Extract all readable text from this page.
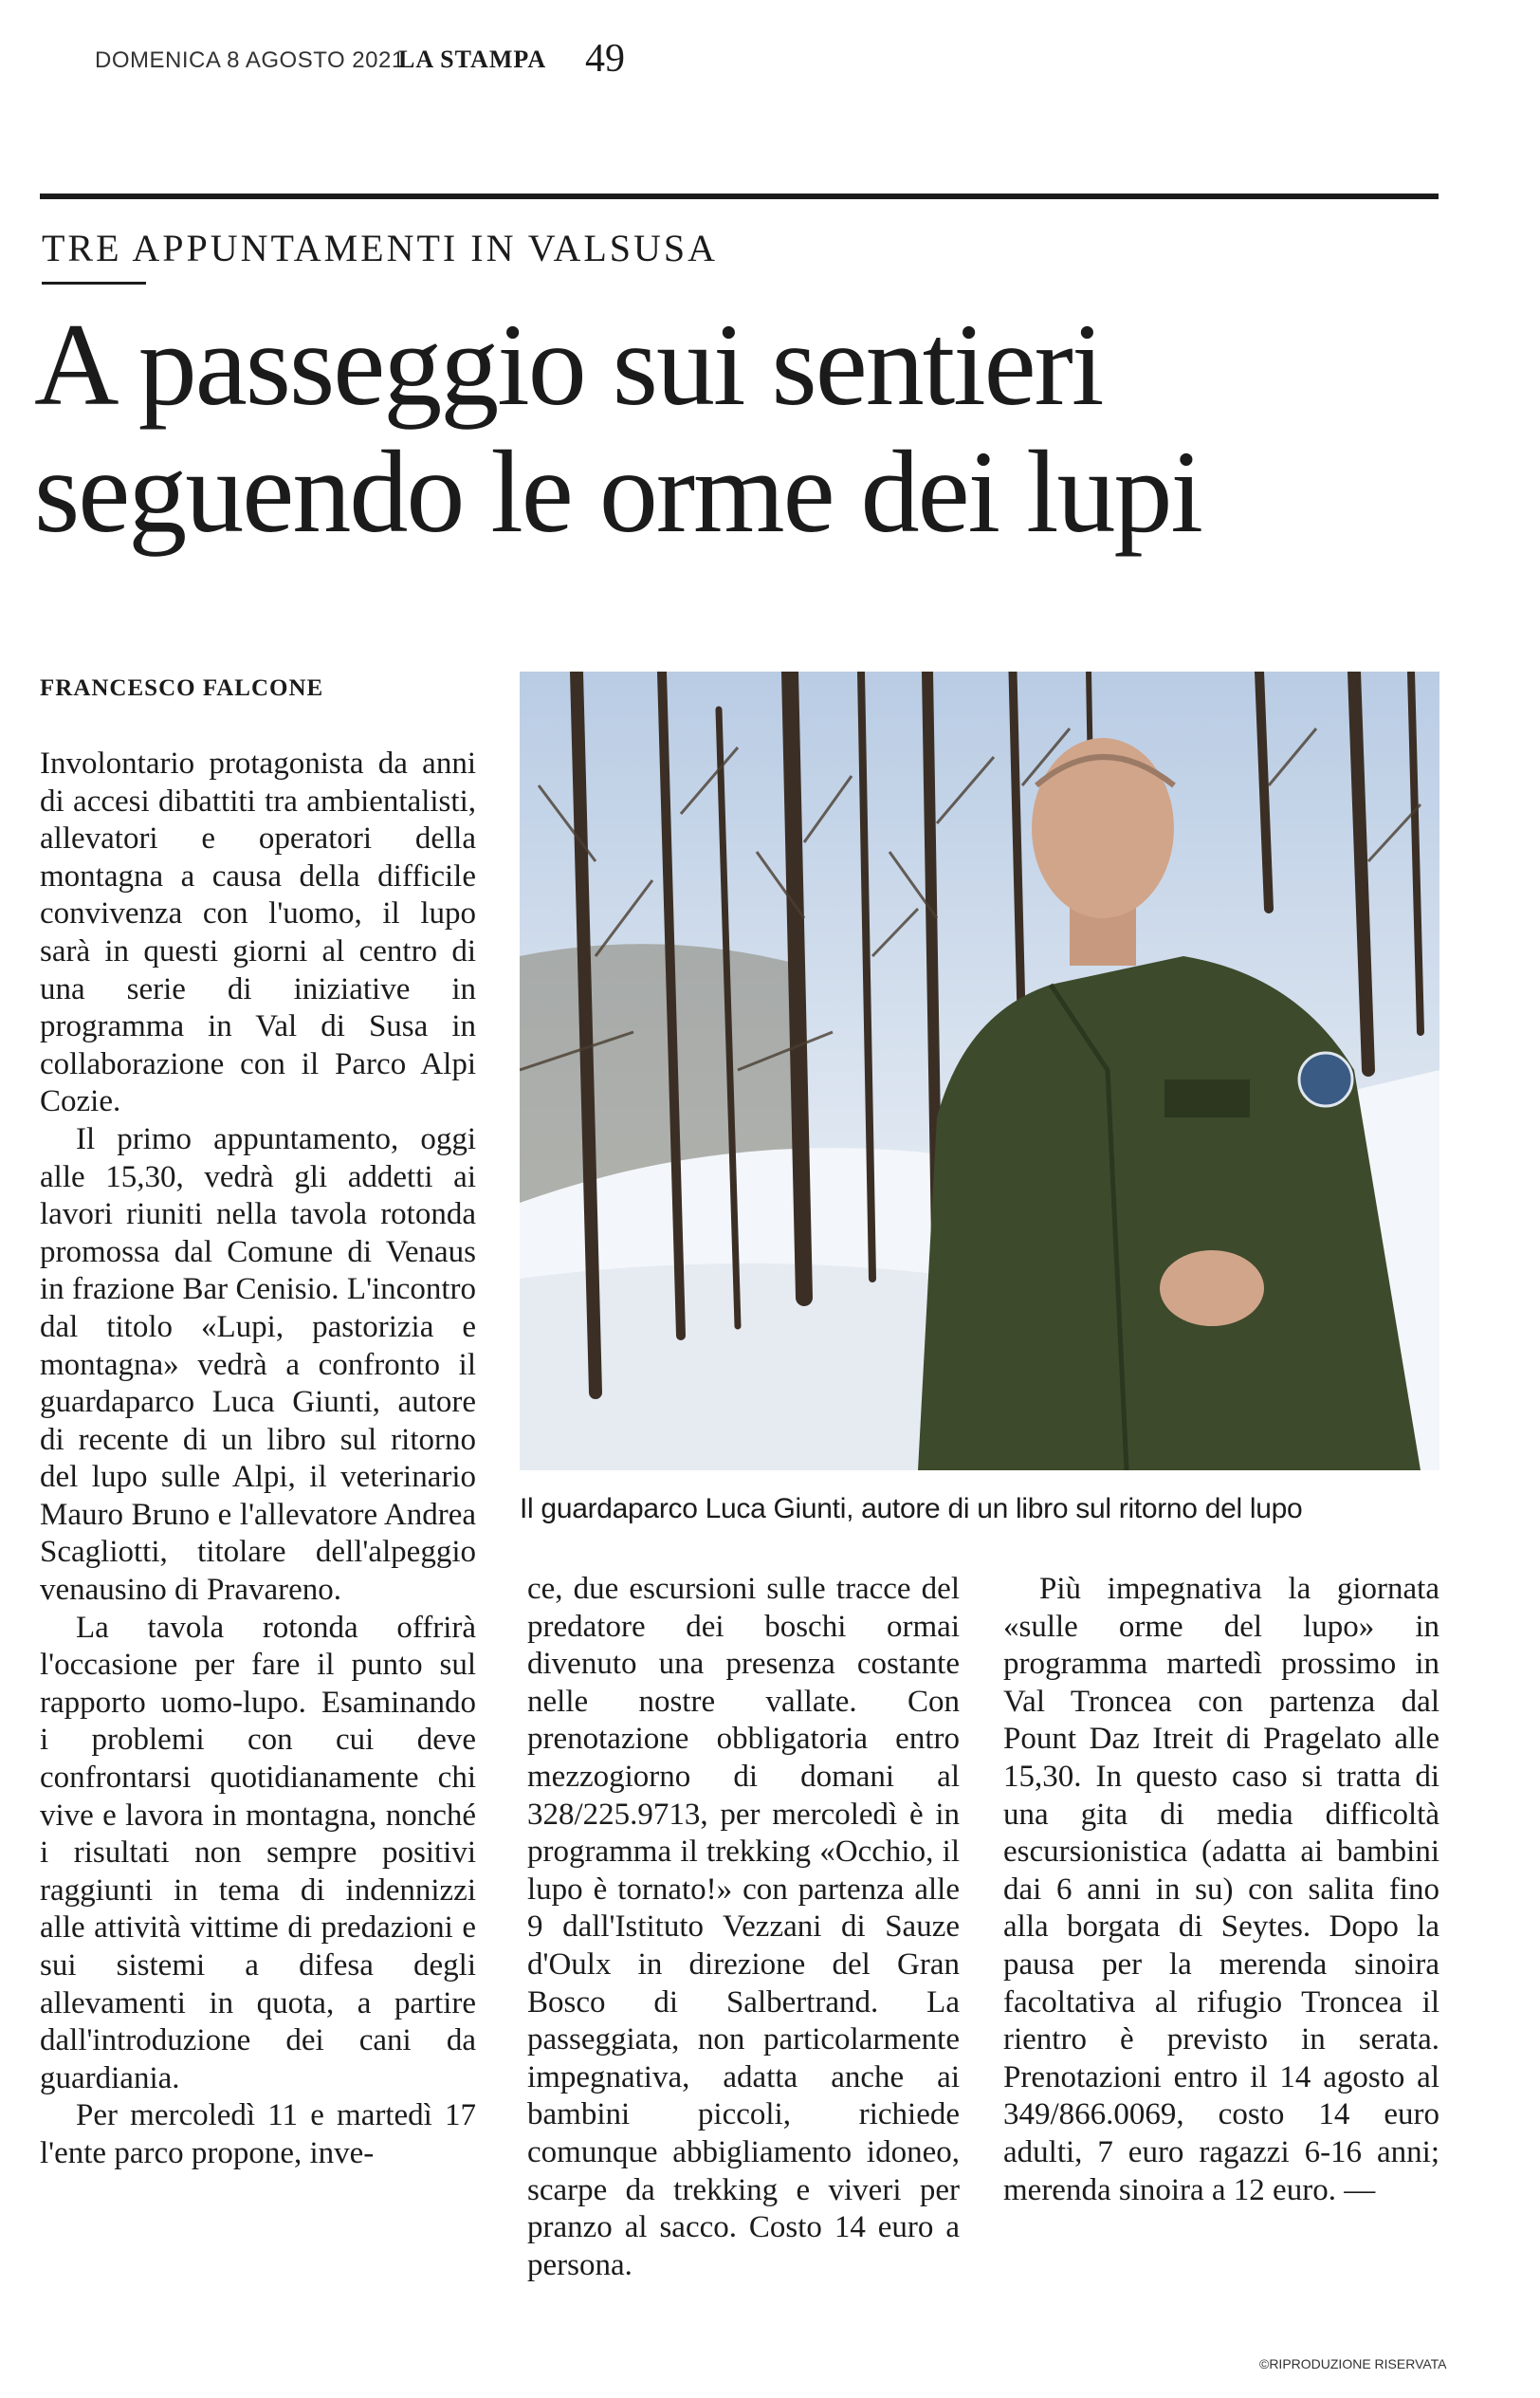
DOMENICA 8 AGOSTO 2021
LA STAMPA 49
TRE APPUNTAMENTI IN VALSUSA
A passeggio sui sentieri
seguendo le orme dei lupi
FRANCESCO FALCONE

Involontario protagonista da anni di accesi dibattiti tra ambientalisti, allevatori e operatori della montagna a causa della difficile convivenza con l'uomo, il lupo sarà in questi giorni al centro di una serie di iniziative in programma in Val di Susa in collaborazione con il Parco Alpi Cozie.

Il primo appuntamento, oggi alle 15,30, vedrà gli addetti ai lavori riuniti nella tavola rotonda promossa dal Comune di Venaus in frazione Bar Cenisio. L'incontro dal titolo «Lupi, pastorizia e montagna» vedrà a confronto il guardaparco Luca Giunti, autore di recente di un libro sul ritorno del lupo sulle Alpi, il veterinario Mauro Bruno e l'allevatore Andrea Scagliotti, titolare dell'alpeggio venausino di Pravareno.

La tavola rotonda offrirà l'occasione per fare il punto sul rapporto uomo-lupo. Esaminando i problemi con cui deve confrontarsi quotidianamente chi vive e lavora in montagna, nonché i risultati non sempre positivi raggiunti in tema di indennizzi alle attività vittime di predazioni e sui sistemi a difesa degli allevamenti in quota, a partire dall'introduzione dei cani da guardiania.

Per mercoledì 11 e martedì 17 l'ente parco propone, inve-

Il guardaparco Luca Giunti, autore di un libro sul ritorno del lupo

ce, due escursioni sulle tracce del predatore dei boschi ormai divenuto una presenza costante nelle nostre vallate. Con prenotazione obbligatoria entro mezzogiorno di domani al 328/225.9713, per mercoledì è in programma il trekking «Occhio, il lupo è tornato!» con partenza alle 9 dall'Istituto Vezzani di Sauze d'Oulx in direzione del Gran Bosco di Salbertrand. La passeggiata, non particolarmente impegnativa, adatta anche ai bambini piccoli, richiede comunque abbigliamento idoneo, scarpe da trekking e viveri per pranzo al sacco. Costo 14 euro a persona.

Più impegnativa la giornata «sulle orme del lupo» in programma martedì prossimo in Val Troncea con partenza dal Pount Daz Itreit di Pragelato alle 15,30. In questo caso si tratta di una gita di media difficoltà escursionistica (adatta ai bambini dai 6 anni in su) con salita fino alla borgata di Seytes. Dopo la pausa per la merenda sinoira facoltativa al rifugio Troncea il rientro è previsto in serata. Prenotazioni entro il 14 agosto al 349/866.0069, costo 14 euro adulti, 7 euro ragazzi 6-16 anni; merenda sinoira a 12 euro. —

©RIPRODUZIONE RISERVATA
